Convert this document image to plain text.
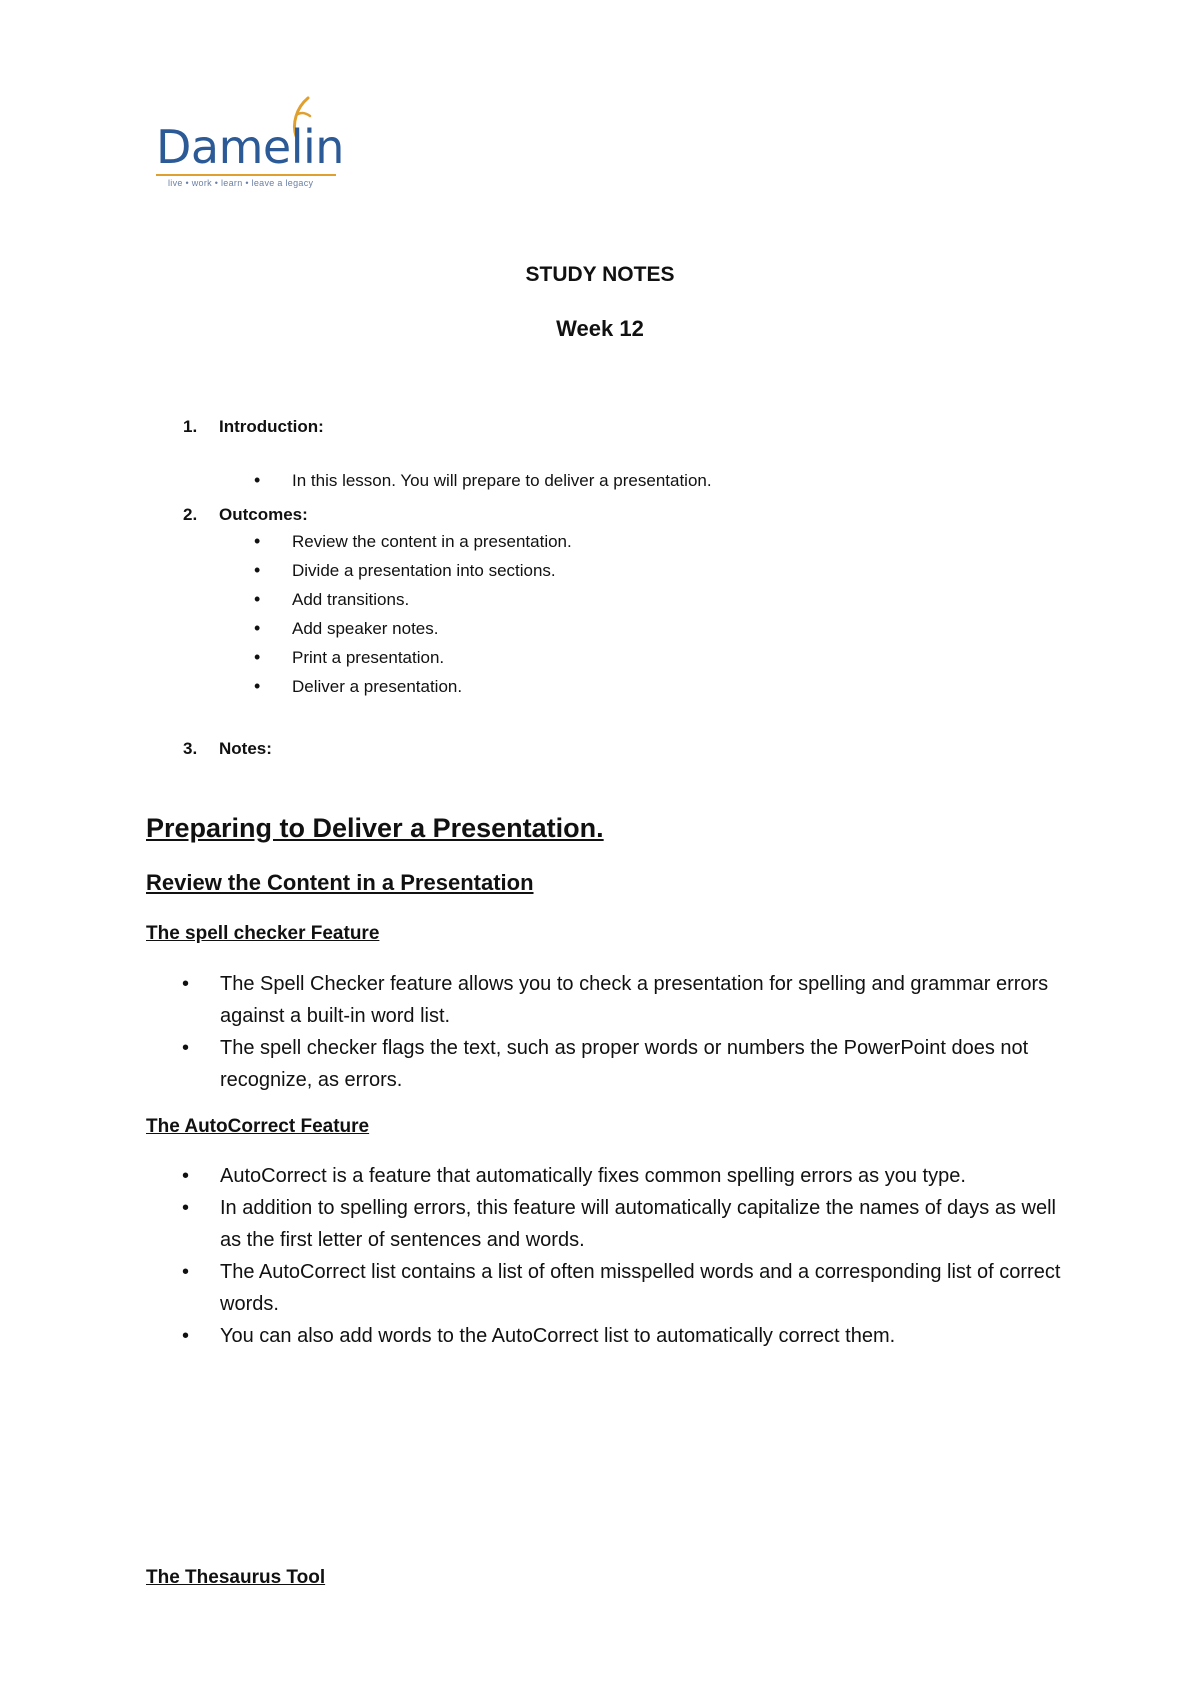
Damelin
live • work • learn • leave a legacy
STUDY NOTES
Week 12
1. Introduction:
• In this lesson. You will prepare to deliver a presentation.
2. Outcomes:
• Review the content in a presentation.
• Divide a presentation into sections.
• Add transitions.
• Add speaker notes.
• Print a presentation.
• Deliver a presentation.
3. Notes:
Preparing to Deliver a Presentation.
Review the Content in a Presentation
The spell checker Feature
• The Spell Checker feature allows you to check a presentation for spelling and grammar errors against a built-in word list.
• The spell checker flags the text, such as proper words or numbers the PowerPoint does not recognize, as errors.
The AutoCorrect Feature
• AutoCorrect is a feature that automatically fixes common spelling errors as you type.
• In addition to spelling errors, this feature will automatically capitalize the names of days as well as the first letter of sentences and words.
• The AutoCorrect list contains a list of often misspelled words and a corresponding list of correct words.
• You can also add words to the AutoCorrect list to automatically correct them.
The Thesaurus Tool
